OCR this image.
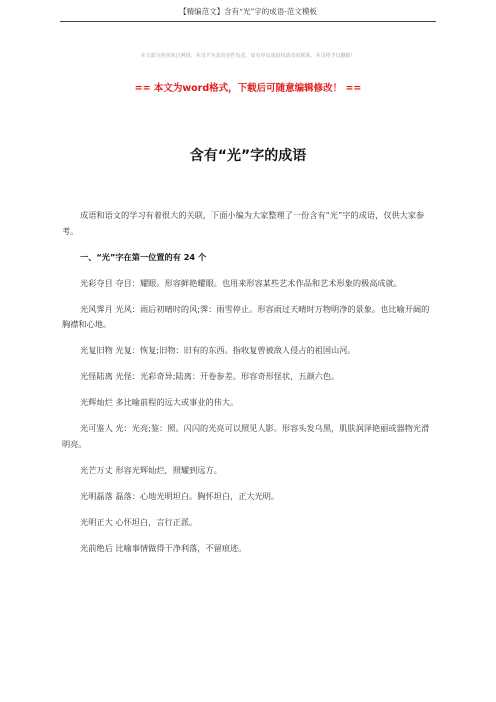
【精编范文】含有“光”字的成语-范文模板
本文部分内容来自网络，本司不为其真实性负责，如有异议或侵权请及时联系，本司将予以删除！
== 本文为word格式，下载后可随意编辑修改！ ==
含有“光”字的成语

成语和语文的学习有着很大的关联，下面小编为大家整理了一份含有“光”字的成语，仅供大家参考。

一、“光”字在第一位置的有 24 个

光彩夺目 夺目：耀眼。形容鲜艳耀眼。也用来形容某些艺术作品和艺术形象的极高成就。

光风霁月 光风：雨后初晴时的风;霁：雨雪停止。形容雨过天晴时万物明净的景象。也比喻开阔的胸襟和心地。

光复旧物 光复：恢复;旧物：旧有的东西。指收复曾被敌人侵占的祖国山河。

光怪陆离 光怪：光彩奇异;陆离：开卷参差。形容奇形怪状，五颜六色。

光辉灿烂 多比喻前程的远大或事业的伟大。

光可鉴人 光：光亮;鉴：照。闪闪的光亮可以照见人影。形容头发乌黑，肌肤润泽艳丽或器物光滑明亮。

光芒万丈 形容光辉灿烂，照耀到远方。

光明磊落 磊落：心地光明坦白。胸怀坦白，正大光明。

光明正大 心怀坦白，言行正派。

光前绝后 比喻事情做得干净利落，不留痕迹。
